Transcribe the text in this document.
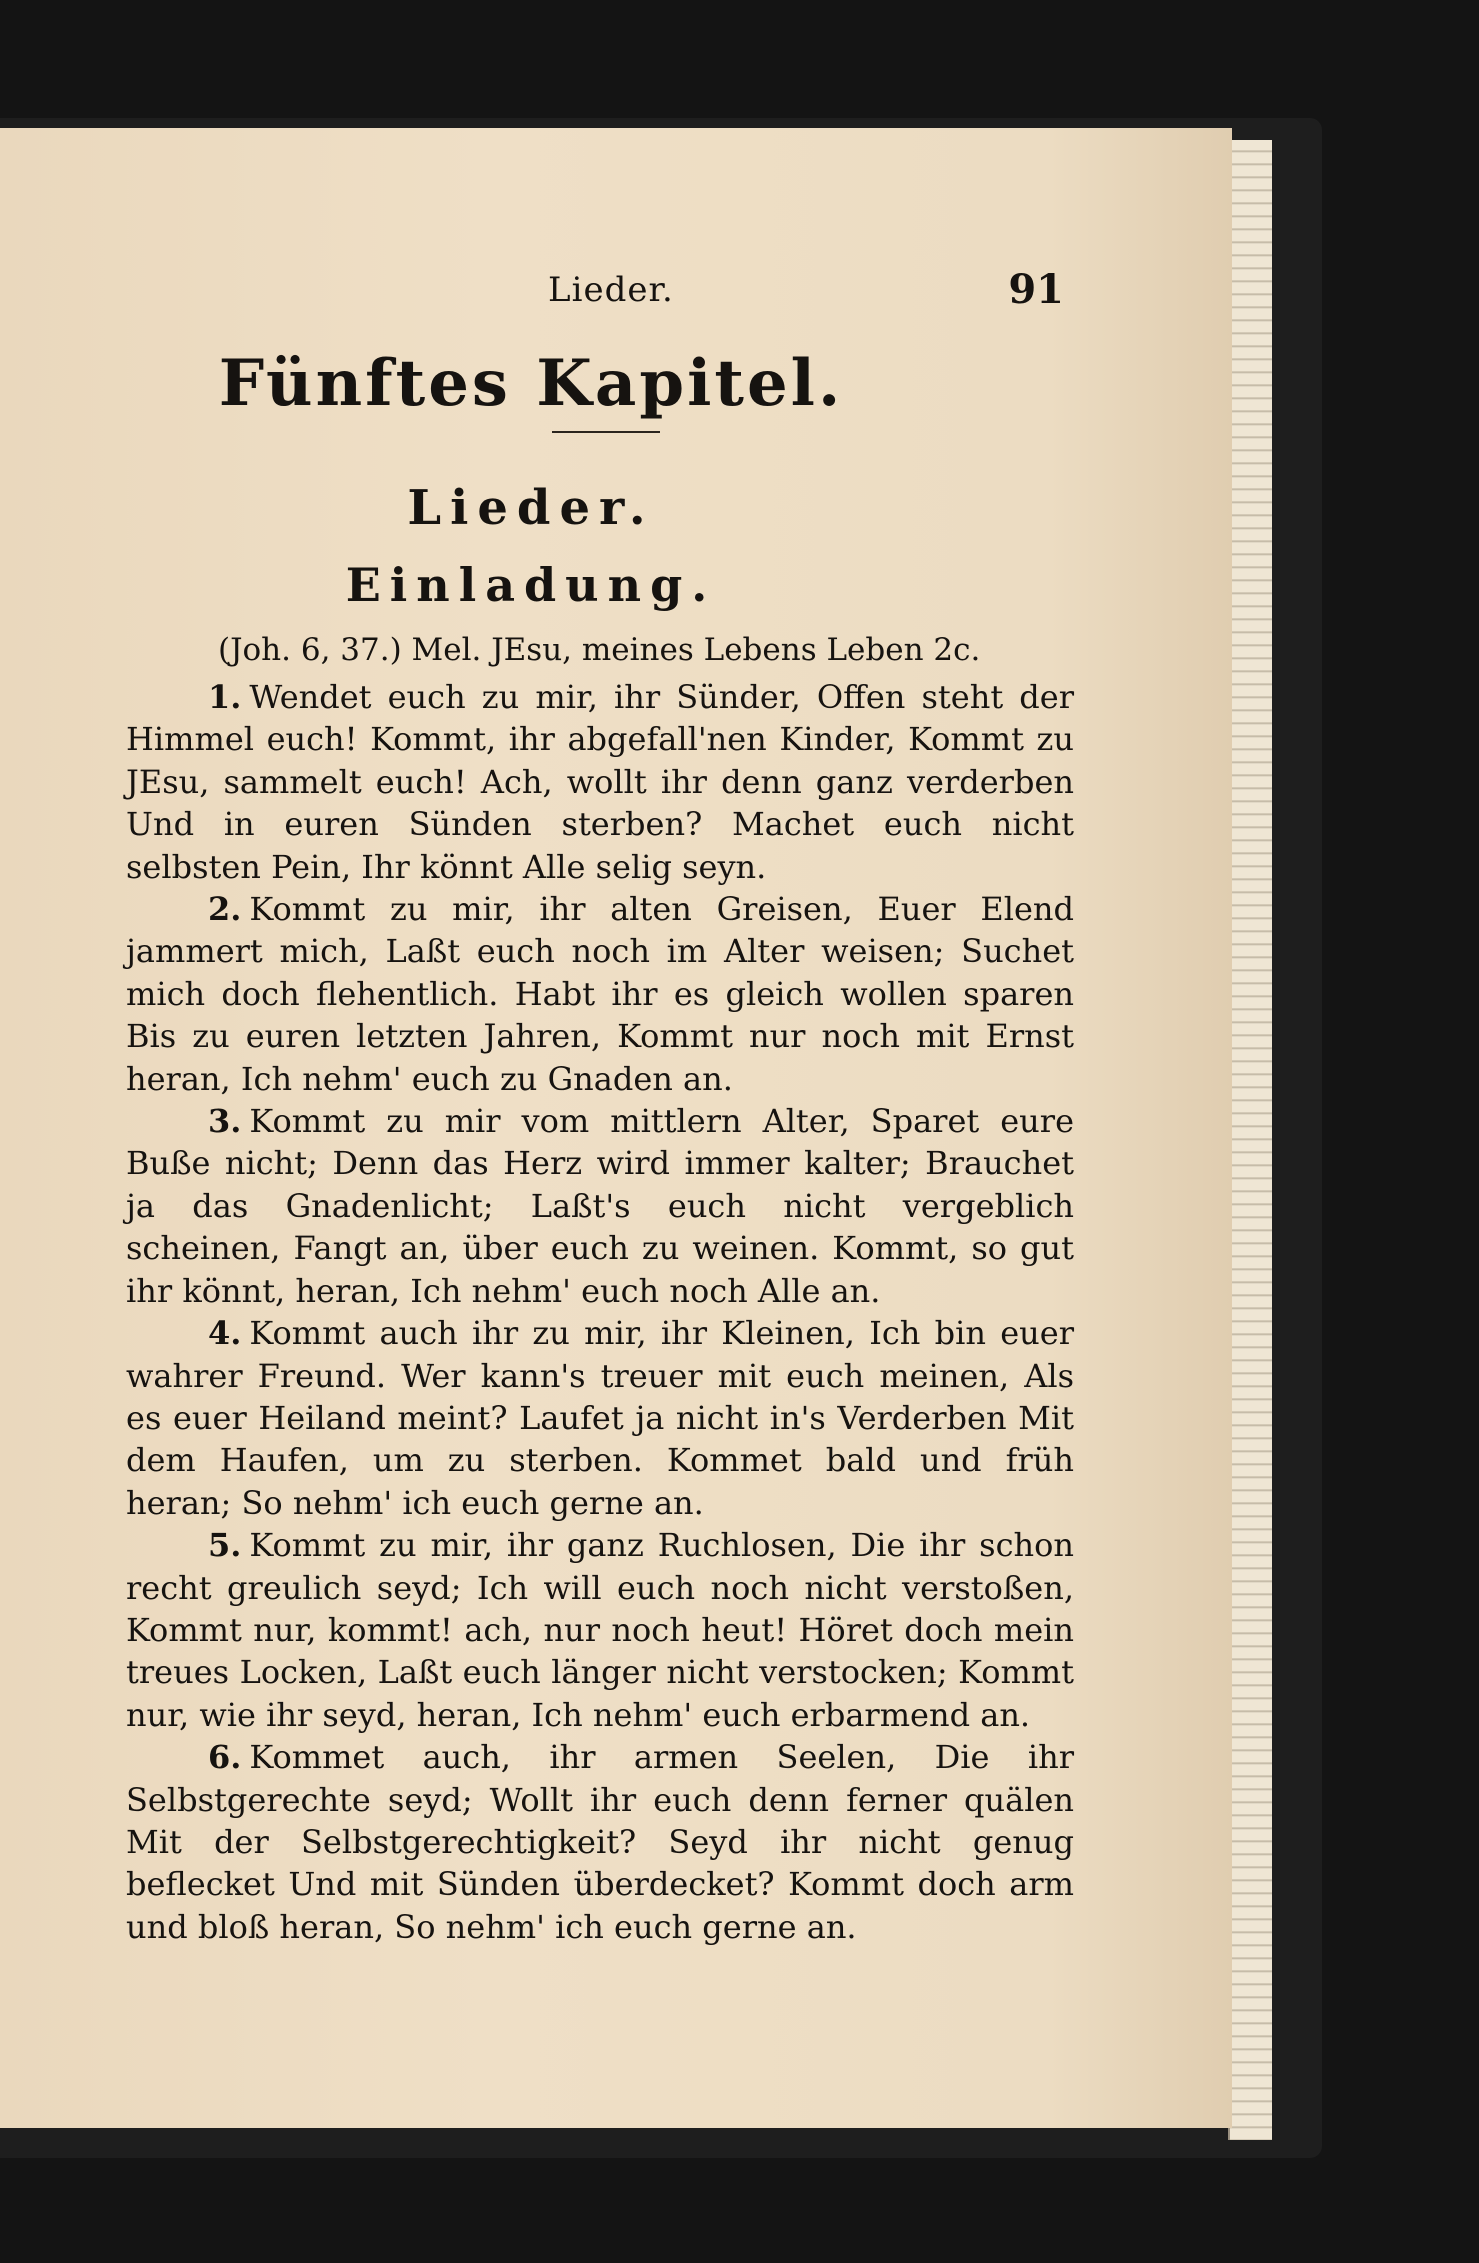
Lieder.	91
Fünftes Kapitel.
Lieder.
Einladung.
(Joh. 6, 37.) Mel. JEsu, meines Lebens Leben 2c.

1. Wendet euch zu mir, ihr Sünder, Offen steht der Himmel euch! Kommt, ihr abgefall'nen Kinder, Kommt zu JEsu, sammelt euch! Ach, wollt ihr denn ganz verderben Und in euren Sünden sterben? Machet euch nicht selbsten Pein, Ihr könnt Alle selig seyn.

2. Kommt zu mir, ihr alten Greisen, Euer Elend jammert mich, Laßt euch noch im Alter weisen; Suchet mich doch flehentlich. Habt ihr es gleich wollen sparen Bis zu euren letzten Jahren, Kommt nur noch mit Ernst heran, Ich nehm' euch zu Gnaden an.

3. Kommt zu mir vom mittlern Alter, Sparet eure Buße nicht; Denn das Herz wird immer kalter; Brauchet ja das Gnadenlicht; Laßt's euch nicht vergeblich scheinen, Fangt an, über euch zu weinen. Kommt, so gut ihr könnt, heran, Ich nehm' euch noch Alle an.

4. Kommt auch ihr zu mir, ihr Kleinen, Ich bin euer wahrer Freund. Wer kann's treuer mit euch meinen, Als es euer Heiland meint? Laufet ja nicht in's Verderben Mit dem Haufen, um zu sterben. Kommet bald und früh heran; So nehm' ich euch gerne an.

5. Kommt zu mir, ihr ganz Ruchlosen, Die ihr schon recht greulich seyd; Ich will euch noch nicht verstoßen, Kommt nur, kommt! ach, nur noch heut! Höret doch mein treues Locken, Laßt euch länger nicht verstocken; Kommt nur, wie ihr seyd, heran, Ich nehm' euch erbarmend an.

6. Kommet auch, ihr armen Seelen, Die ihr Selbstgerechte seyd; Wollt ihr euch denn ferner quälen Mit der Selbstgerechtigkeit? Seyd ihr nicht genug beflecket Und mit Sünden überdecket? Kommt doch arm und bloß heran, So nehm' ich euch gerne an.
